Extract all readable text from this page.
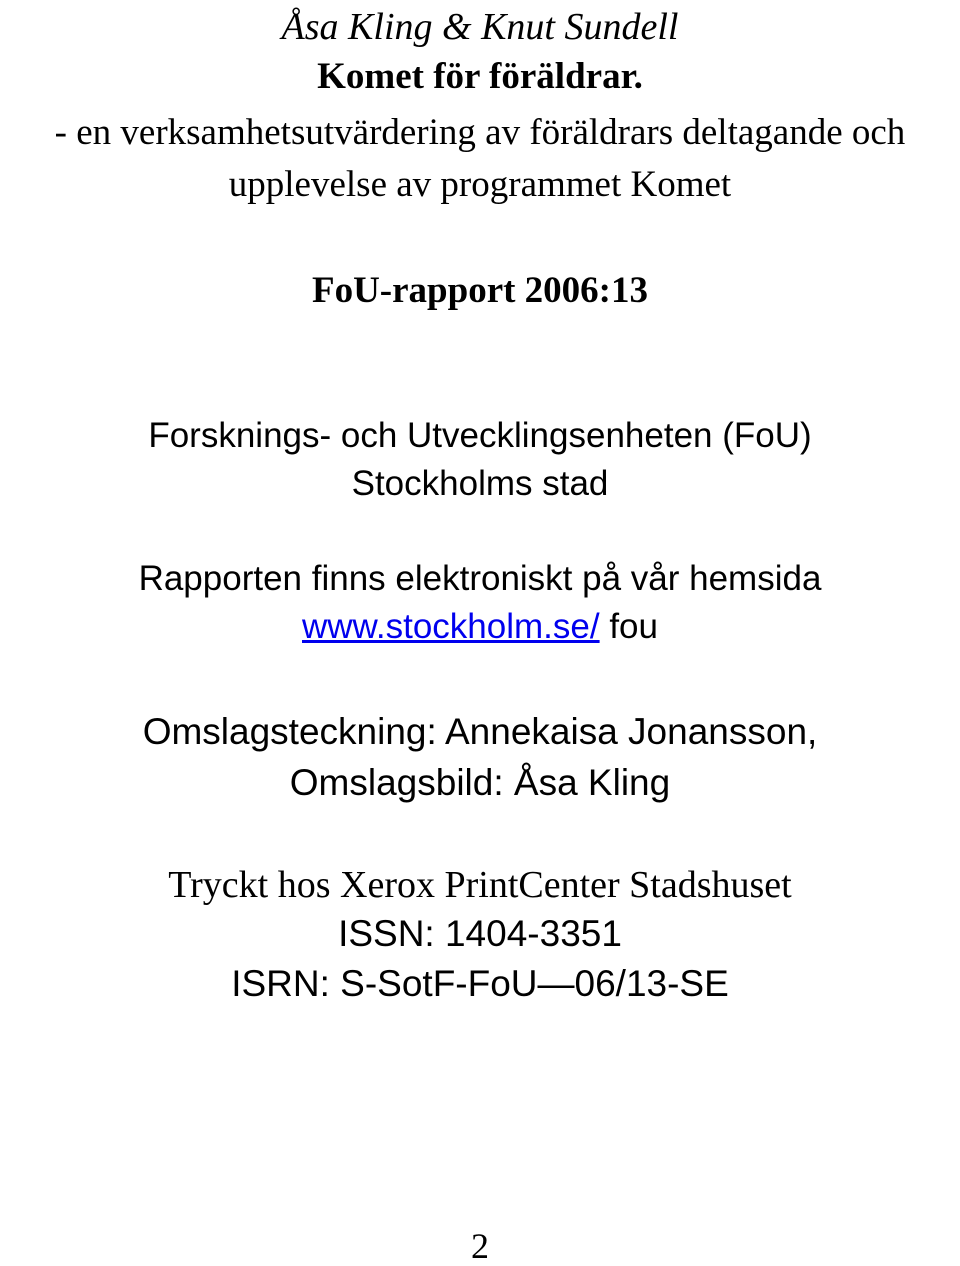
Åsa Kling & Knut Sundell
Komet för föräldrar.
- en verksamhetsutvärdering av föräldrars deltagande och
upplevelse av programmet Komet
FoU-rapport 2006:13
Forsknings- och Utvecklingsenheten (FoU)
Stockholms stad
Rapporten finns elektroniskt på vår hemsida
www.stockholm.se/ fou
Omslagsteckning: Annekaisa Jonansson,
Omslagsbild: Åsa Kling
Tryckt hos Xerox PrintCenter Stadshuset
ISSN: 1404-3351
ISRN: S-SotF-FoU—06/13-SE
2
